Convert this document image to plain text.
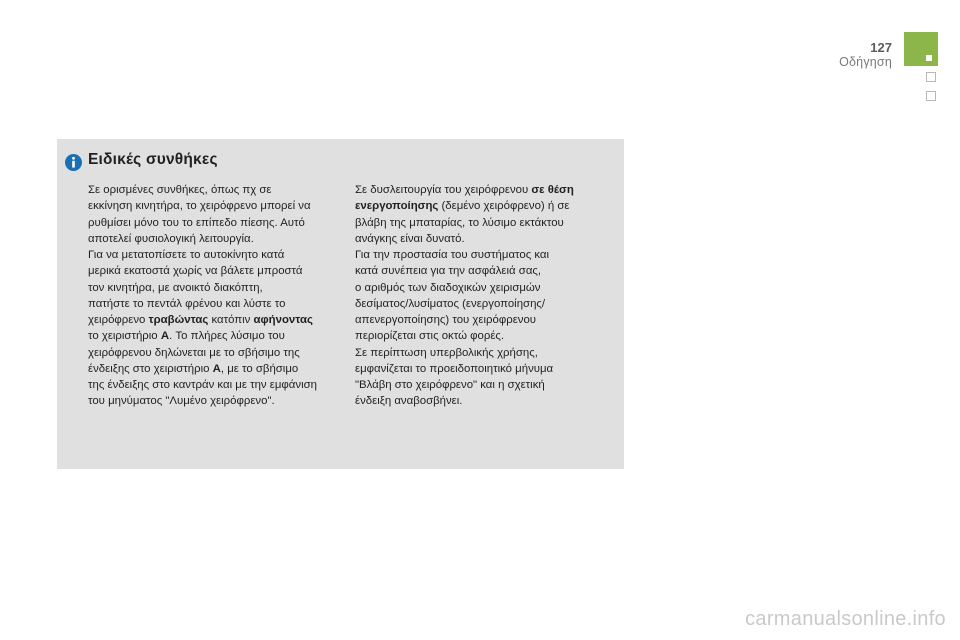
127
Οδήγηση
Ειδικές συνθήκες

Σε ορισμένες συνθήκες, όπως πχ σε

εκκίνηση κινητήρα, το χειρόφρενο μπορεί να

ρυθμίσει μόνο του το επίπεδο πίεσης. Αυτό

αποτελεί φυσιολογική λειτουργία.

Για να μετατοπίσετε το αυτοκίνητο κατά

μερικά εκατοστά χωρίς να βάλετε μπροστά

τον κινητήρα, με ανοικτό διακόπτη,

πατήστε το πεντάλ φρένου και λύστε το

χειρόφρενο τραβώντας κατόπιν αφήνοντας

το χειριστήριο A. Το πλήρες λύσιμο του

χειρόφρενου δηλώνεται με το σβήσιμο της

ένδειξης στο χειριστήριο A, με το σβήσιμο

της ένδειξης στο καντράν και με την εμφάνιση

του μηνύματος "Λυμένο χειρόφρενο".

Σε δυσλειτουργία του χειρόφρενου σε θέση

ενεργοποίησης (δεμένο χειρόφρενο) ή σε

βλάβη της μπαταρίας, το λύσιμο εκτάκτου

ανάγκης είναι δυνατό.

Για την προστασία του συστήματος και

κατά συνέπεια για την ασφάλειά σας,

ο αριθμός των διαδοχικών χειρισμών

δεσίματος/λυσίματος (ενεργοποίησης/

απενεργοποίησης) του χειρόφρενου

περιορίζεται στις οκτώ φορές.

Σε περίπτωση υπερβολικής χρήσης,

εμφανίζεται το προειδοποιητικό μήνυμα

"Βλάβη στο χειρόφρενο" και η σχετική

ένδειξη αναβοσβήνει.

carmanualsonline.info
